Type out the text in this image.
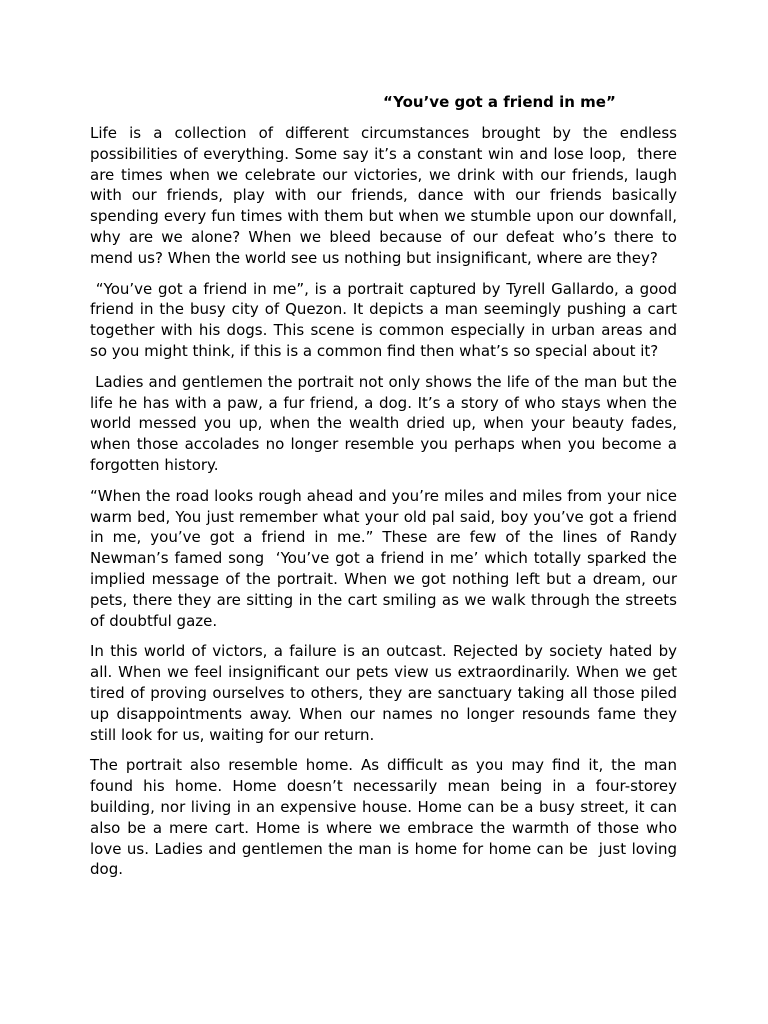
“You’ve got a friend in me”

Life is a collection of different circumstances brought by the endless possibilities of everything. Some say it’s a constant win and lose loop,  there are times when we celebrate our victories, we drink with our friends, laugh with our friends, play with our friends, dance with our friends basically spending every fun times with them but when we stumble upon our downfall, why are we alone? When we bleed because of our defeat who’s there to mend us? When the world see us nothing but insignificant, where are they?

“You’ve got a friend in me”, is a portrait captured by Tyrell Gallardo, a good friend in the busy city of Quezon. It depicts a man seemingly pushing a cart together with his dogs. This scene is common especially in urban areas and so you might think, if this is a common find then what’s so special about it?

Ladies and gentlemen the portrait not only shows the life of the man but the life he has with a paw, a fur friend, a dog. It’s a story of who stays when the world messed you up, when the wealth dried up, when your beauty fades, when those accolades no longer resemble you perhaps when you become a forgotten history.

“When the road looks rough ahead and you’re miles and miles from your nice warm bed, You just remember what your old pal said, boy you’ve got a friend in me, you’ve got a friend in me.” These are few of the lines of Randy Newman’s famed song  ‘You’ve got a friend in me’ which totally sparked the implied message of the portrait. When we got nothing left but a dream, our pets, there they are sitting in the cart smiling as we walk through the streets of doubtful gaze.

In this world of victors, a failure is an outcast. Rejected by society hated by all. When we feel insignificant our pets view us extraordinarily. When we get tired of proving ourselves to others, they are sanctuary taking all those piled up disappointments away. When our names no longer resounds fame they still look for us, waiting for our return.

The portrait also resemble home. As difficult as you may find it, the man found his home. Home doesn’t necessarily mean being in a four-storey building, nor living in an expensive house. Home can be a busy street, it can also be a mere cart. Home is where we embrace the warmth of those who love us. Ladies and gentlemen the man is home for home can be  just loving dog.
